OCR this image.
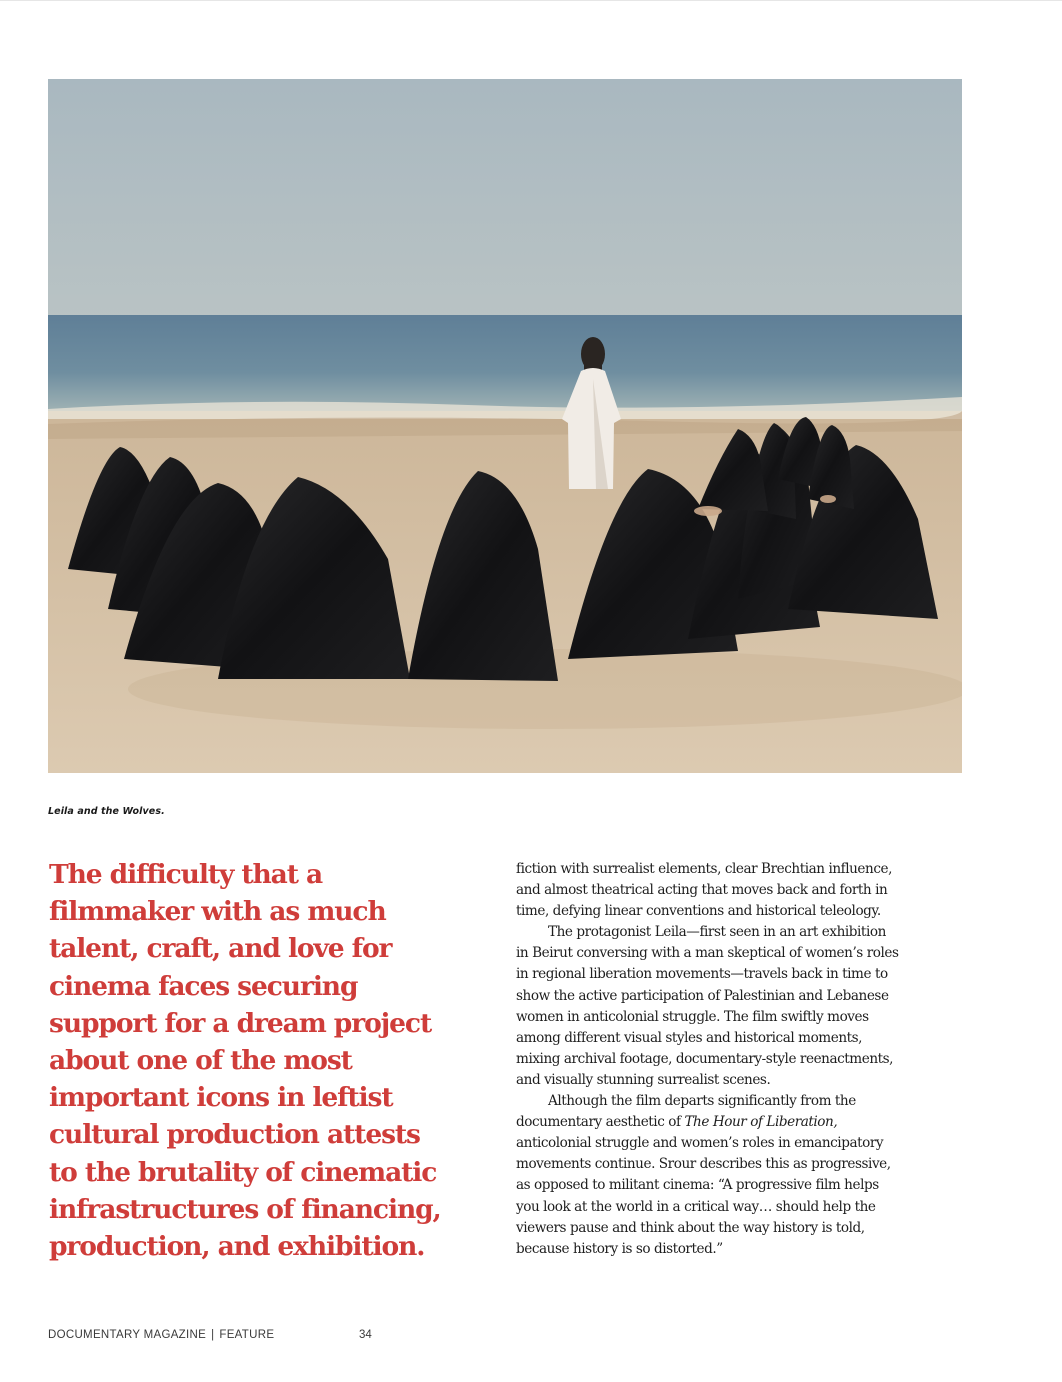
Leila and the Wolves.
The difficulty that a
filmmaker with as much
talent, craft, and love for
cinema faces securing
support for a dream project
about one of the most
important icons in leftist
cultural production attests
to the brutality of cinematic
infrastructures of financing,
production, and exhibition.
fiction with surrealist elements, clear Brechtian influence,
and almost theatrical acting that moves back and forth in
time, defying linear conventions and historical teleology.
The protagonist Leila—first seen in an art exhibition
in Beirut conversing with a man skeptical of women’s roles
in regional liberation movements—travels back in time to
show the active participation of Palestinian and Lebanese
women in anticolonial struggle. The film swiftly moves
among different visual styles and historical moments,
mixing archival footage, documentary-style reenactments,
and visually stunning surrealist scenes.
Although the film departs significantly from the
documentary aesthetic of The Hour of Liberation,
anticolonial struggle and women’s roles in emancipatory
movements continue. Srour describes this as progressive,
as opposed to militant cinema: “A progressive film helps
you look at the world in a critical way… should help the
viewers pause and think about the way history is told,
because history is so distorted.”
DOCUMENTARY MAGAZINE | FEATURE	34
